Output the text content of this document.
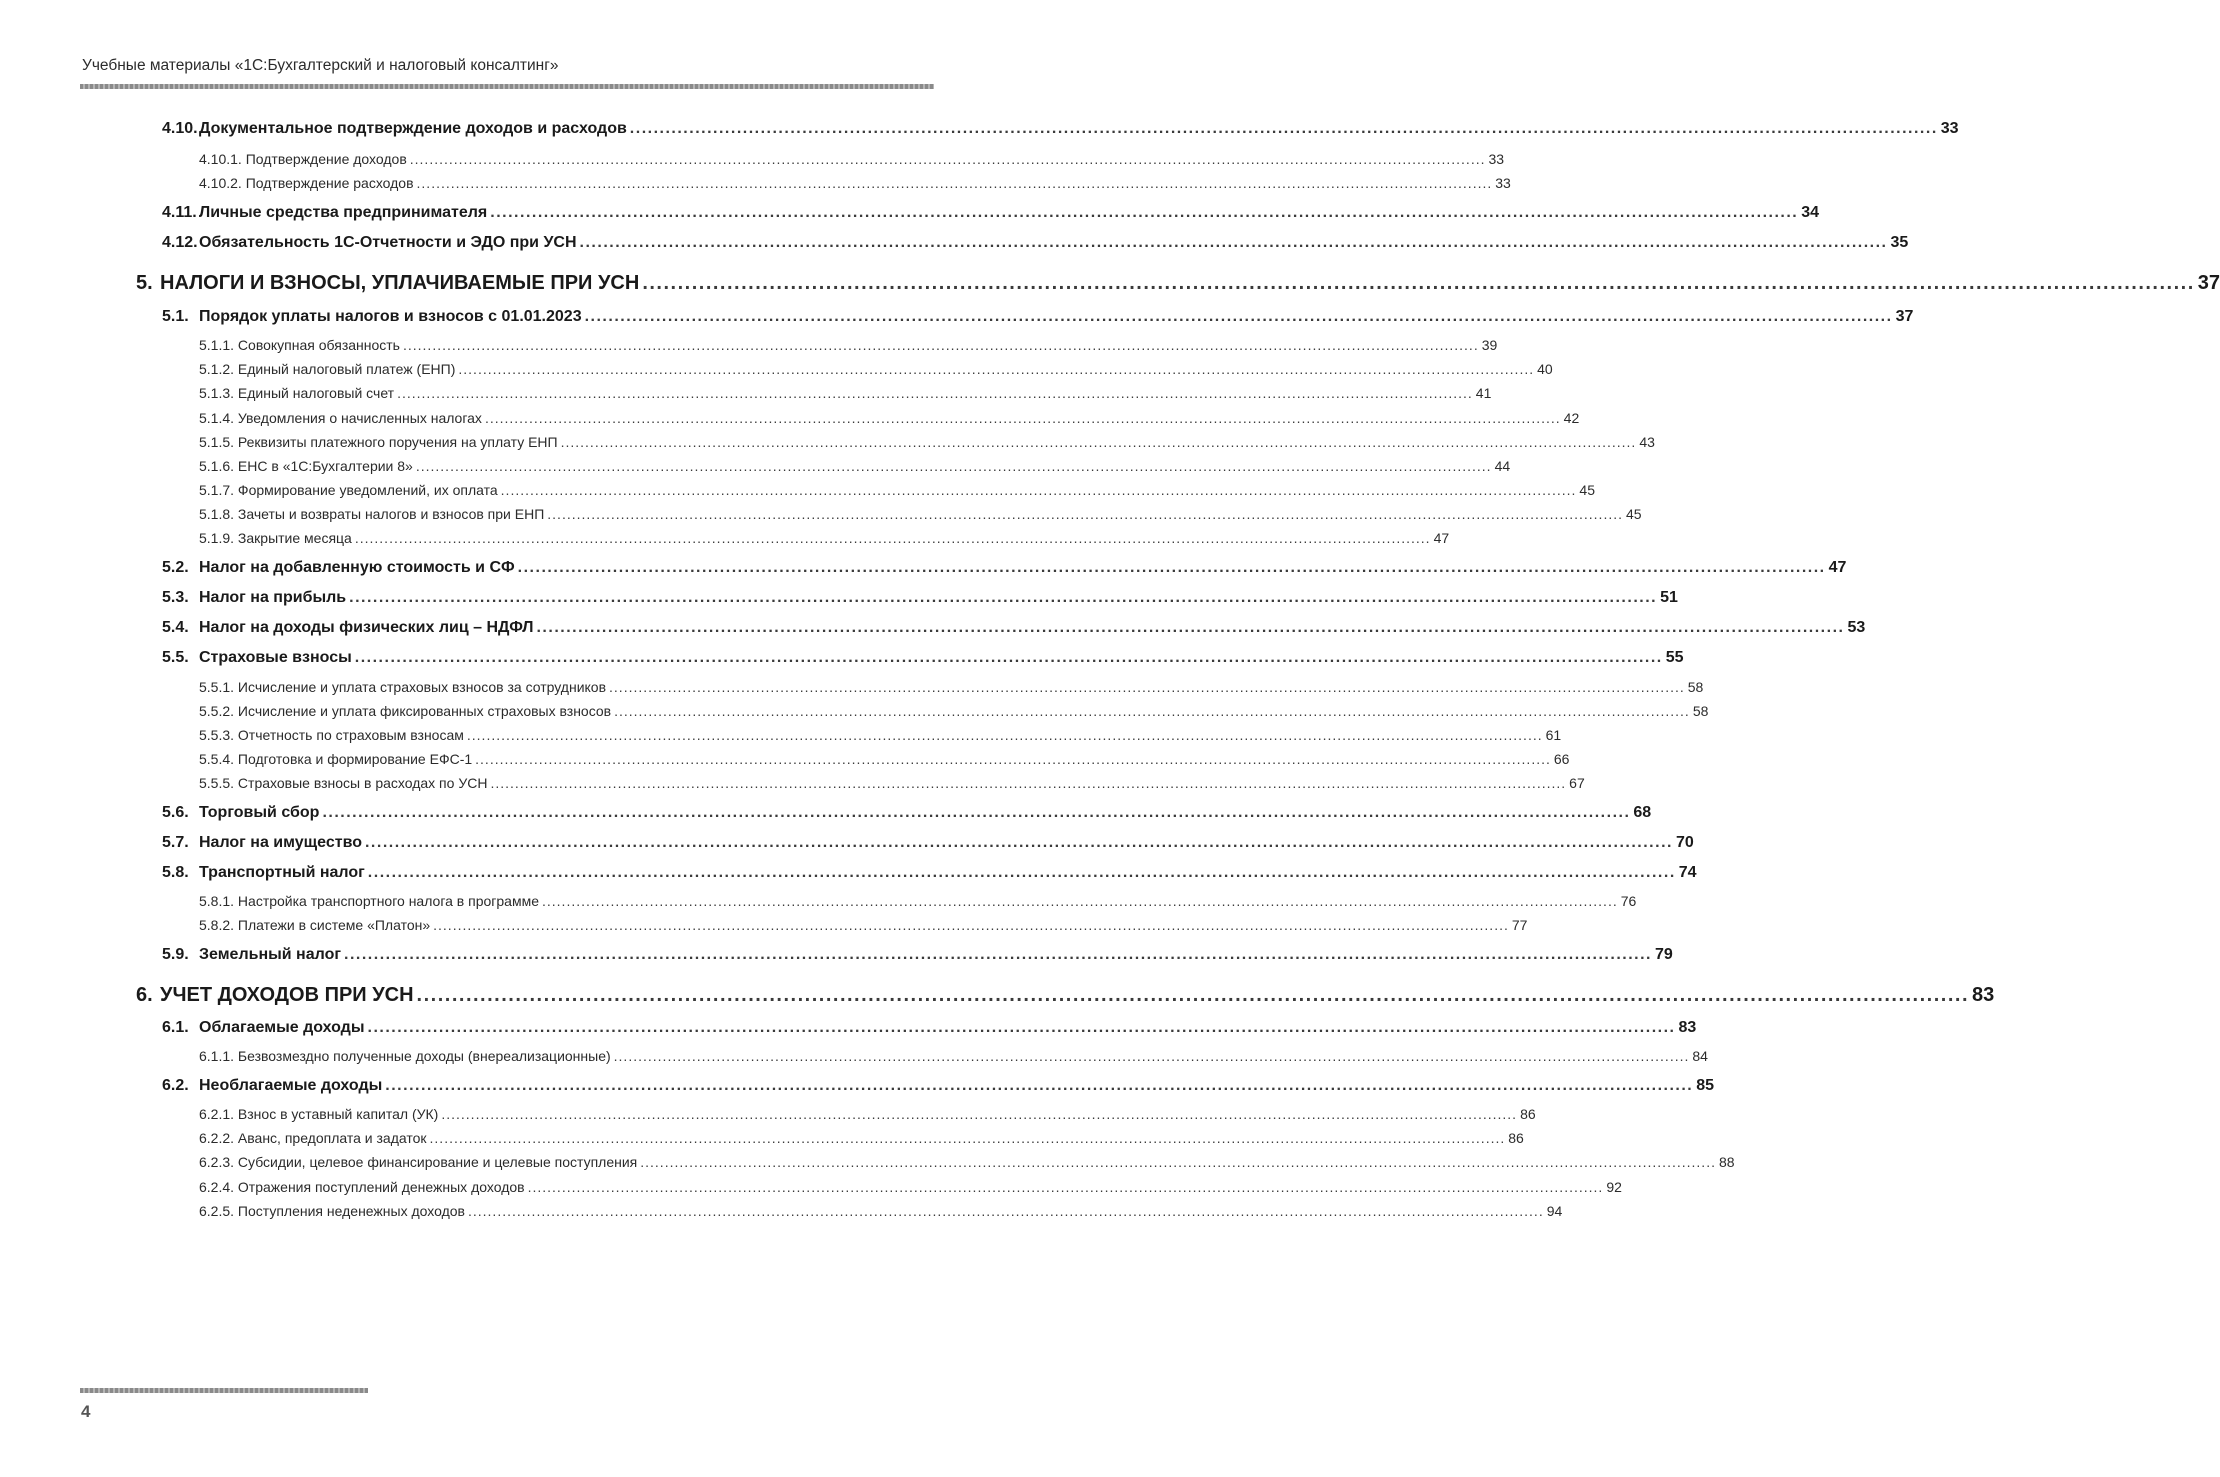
Учебные материалы «1С:Бухгалтерский и налоговый консалтинг»
4.10.Документальное подтверждение доходов и расходов ............................................................................................................................................................................................................................ 33
4.10.1. Подтверждение доходов ............................................................................................................................................................................................................................ 33
4.10.2. Подтверждение расходов ............................................................................................................................................................................................................................ 33
4.11. Личные средства предпринимателя ............................................................................................................................................................................................................................ 34
4.12.Обязательность 1С-Отчетности и ЭДО при УСН ............................................................................................................................................................................................................................ 35
5. НАЛОГИ И ВЗНОСЫ, УПЛАЧИВАЕМЫЕ ПРИ УСН ............................................................................................................................................................................................................................ 37
5.1. Порядок уплаты налогов и взносов с 01.01.2023 ............................................................................................................................................................................................................................ 37
5.1.1. Совокупная обязанность ............................................................................................................................................................................................................................ 39
5.1.2. Единый налоговый платеж (ЕНП) ............................................................................................................................................................................................................................ 40
5.1.3. Единый налоговый счет ............................................................................................................................................................................................................................ 41
5.1.4. Уведомления о начисленных налогах ............................................................................................................................................................................................................................ 42
5.1.5. Реквизиты платежного поручения на уплату ЕНП ............................................................................................................................................................................................................................ 43
5.1.6. ЕНС в «1С:Бухгалтерии 8» ............................................................................................................................................................................................................................ 44
5.1.7. Формирование уведомлений, их оплата ............................................................................................................................................................................................................................ 45
5.1.8. Зачеты и возвраты налогов и взносов при ЕНП ............................................................................................................................................................................................................................ 45
5.1.9. Закрытие месяца ............................................................................................................................................................................................................................ 47
5.2. Налог на добавленную стоимость и СФ ............................................................................................................................................................................................................................ 47
5.3. Налог на прибыль ............................................................................................................................................................................................................................ 51
5.4. Налог на доходы физических лиц – НДФЛ ............................................................................................................................................................................................................................ 53
5.5. Страховые взносы ............................................................................................................................................................................................................................ 55
5.5.1. Исчисление и уплата страховых взносов за сотрудников ............................................................................................................................................................................................................................ 58
5.5.2. Исчисление и уплата фиксированных страховых взносов ............................................................................................................................................................................................................................ 58
5.5.3. Отчетность по страховым взносам ............................................................................................................................................................................................................................ 61
5.5.4. Подготовка и формирование ЕФС-1 ............................................................................................................................................................................................................................ 66
5.5.5. Страховые взносы в расходах по УСН ............................................................................................................................................................................................................................ 67
5.6. Торговый сбор ............................................................................................................................................................................................................................ 68
5.7. Налог на имущество ............................................................................................................................................................................................................................ 70
5.8. Транспортный налог ............................................................................................................................................................................................................................ 74
5.8.1. Настройка транспортного налога в программе ............................................................................................................................................................................................................................ 76
5.8.2. Платежи в системе «Платон» ............................................................................................................................................................................................................................ 77
5.9. Земельный налог ............................................................................................................................................................................................................................ 79
6. УЧЕТ ДОХОДОВ ПРИ УСН ............................................................................................................................................................................................................................ 83
6.1. Облагаемые доходы ............................................................................................................................................................................................................................ 83
6.1.1. Безвозмездно полученные доходы (внереализационные) ............................................................................................................................................................................................................................ 84
6.2. Необлагаемые доходы ............................................................................................................................................................................................................................ 85
6.2.1. Взнос в уставный капитал (УК) ............................................................................................................................................................................................................................ 86
6.2.2. Аванс, предоплата и задаток ............................................................................................................................................................................................................................ 86
6.2.3. Субсидии, целевое финансирование и целевые поступления ............................................................................................................................................................................................................................ 88
6.2.4. Отражения поступлений денежных доходов ............................................................................................................................................................................................................................ 92
6.2.5. Поступления неденежных доходов ............................................................................................................................................................................................................................ 94
4
